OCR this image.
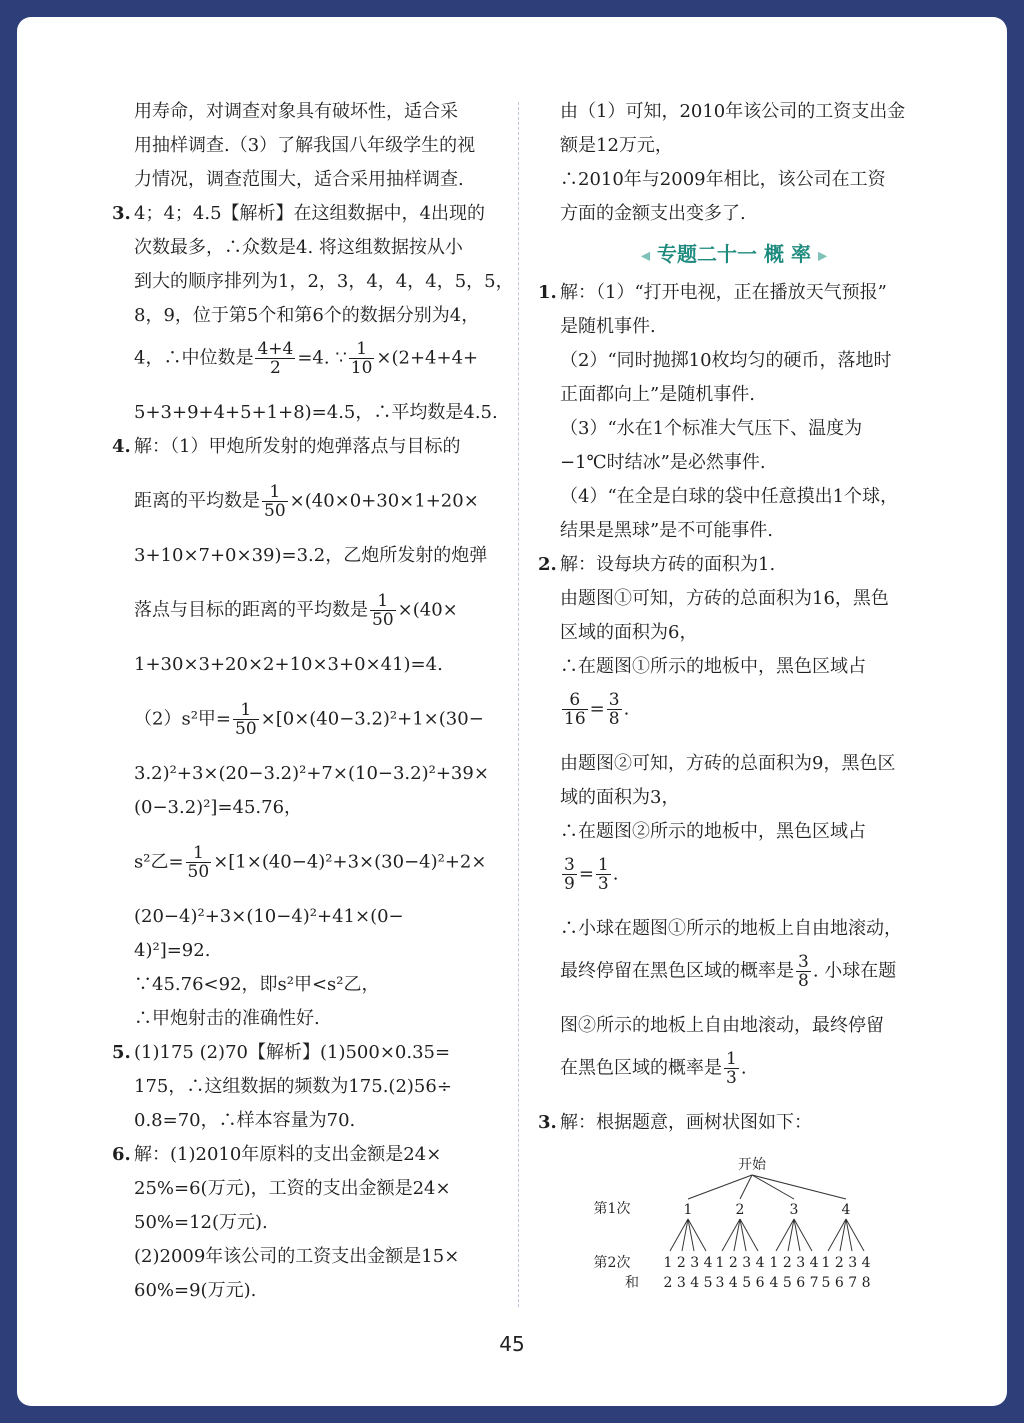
用寿命，对调查对象具有破坏性，适合采
用抽样调查.（3）了解我国八年级学生的视
力情况，调查范围大，适合采用抽样调查.
3. 4；4；4.5【解析】在这组数据中，4出现的
次数最多，∴众数是4. 将这组数据按从小
到大的顺序排列为1，2，3，4，4，4，5，5，
8，9，位于第5个和第6个的数据分别为4，
4，∴中位数是 $\frac{4+4}{2} =4$. ∵ $\frac{1}{10} \times(2+4+4+$
5+3+9+4+5+1+8)=4.5，∴平均数是4.5.
4. 解：（1）甲炮所发射的炮弹落点与目标的
距离的平均数是 $\frac{1}{50} \times(40\times 0+30\times 1+20\times$
3+10×7+0×39)=3.2，乙炮所发射的炮弹
落点与目标的距离的平均数是 $\frac{1}{50} \times(40\times$
1+30×3+20×2+10×3+0×41)=4.
（2）s²甲= $\frac{1}{50} \times[0\times(40-3.2)^2+1\times(30-$
3.2)²+3×(20−3.2)²+7×(10−3.2)²+39×
(0−3.2)²]=45.76，
s²乙= $\frac{1}{50} \times[1\times(40-4)^2+3\times(30-4)^2+2\times$
(20−4)²+3×(10−4)²+41×(0−
4)²]=92.
∵45.76<92，即s²甲<s²乙，
∴甲炮射击的准确性好.
5. (1)175 (2)70【解析】(1)500×0.35=
175，∴这组数据的频数为175.(2)56÷
0.8=70，∴样本容量为70.
6. 解：(1)2010年原料的支出金额是24×
25%=6(万元)，工资的支出金额是24×
50%=12(万元).
(2)2009年该公司的工资支出金额是15×
60%=9(万元).
由（1）可知，2010年该公司的工资支出金
额是12万元，
∴2010年与2009年相比，该公司在工资
方面的金额支出变多了.
◀ 专题二十一 概 率 ▶
1. 解：（1）“打开电视，正在播放天气预报”
是随机事件.
（2）“同时抛掷10枚均匀的硬币，落地时
正面都向上”是随机事件.
（3）“水在1个标准大气压下、温度为
−1℃时结冰”是必然事件.
（4）“在全是白球的袋中任意摸出1个球，
结果是黑球”是不可能事件.
2. 解：设每块方砖的面积为1.
由题图①可知，方砖的总面积为16，黑色
区域的面积为6，
∴在题图①所示的地板中，黑色区域占
$\frac{6}{16} = \frac{3}{8}$ .
由题图②可知，方砖的总面积为9，黑色区
域的面积为3，
∴在题图②所示的地板中，黑色区域占
$\frac{3}{9} = \frac{1}{3}$ .
∴小球在题图①所示的地板上自由地滚动，
最终停留在黑色区域的概率是 $\frac{3}{8}$ . 小球在题
图②所示的地板上自由地滚动，最终停留
在黑色区域的概率是 $\frac{1}{3}$ .
3. 解：根据题意，画树状图如下：
开始
第1次
第2次
和
1	2	3	4
1 2 3 4 1 2 3 4 1 2 3 4 1 2 3 4
2 3 4 5 3 4 5 6 4 5 6 7 5 6 7 8
45
